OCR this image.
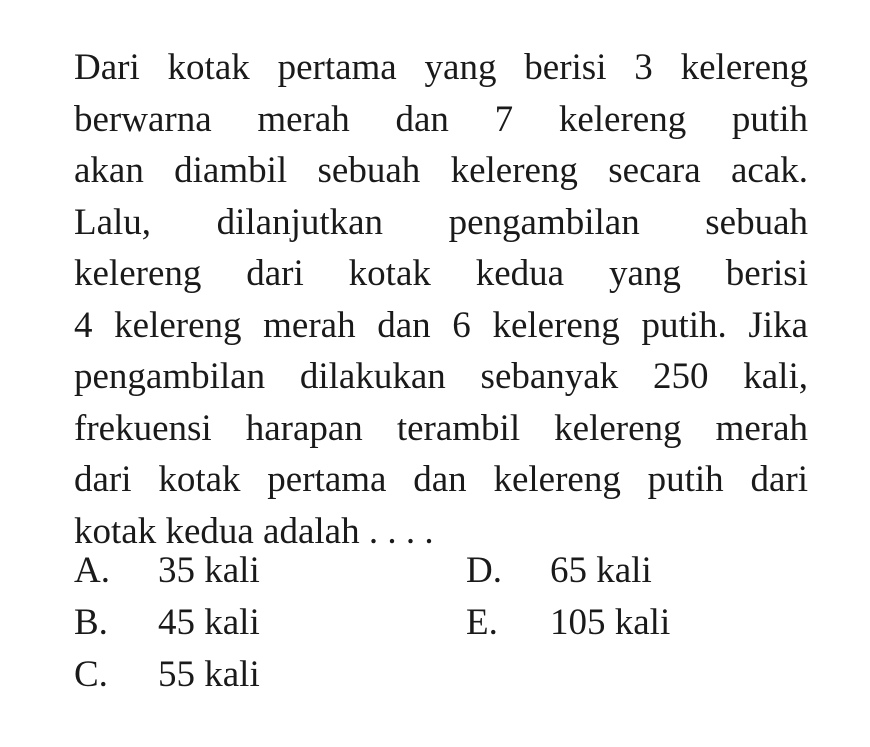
Dari kotak pertama yang berisi 3 kelereng
berwarna merah dan 7 kelereng putih
akan diambil sebuah kelereng secara acak.
Lalu, dilanjutkan pengambilan sebuah
kelereng dari kotak kedua yang berisi
4 kelereng merah dan 6 kelereng putih. Jika
pengambilan dilakukan sebanyak 250 kali,
frekuensi harapan terambil kelereng merah
dari kotak pertama dan kelereng putih dari
kotak kedua adalah . . . .
A. 35 kali
B. 45 kali
C. 55 kali
D. 65 kali
E. 105 kali
